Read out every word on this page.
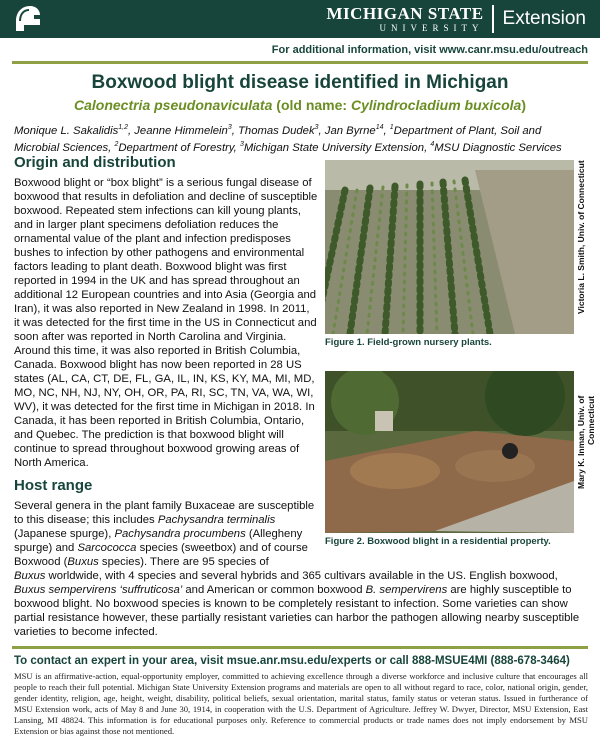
MICHIGAN STATE
UNIVERSITY	Extension
For additional information, visit www.canr.msu.edu/outreach
Boxwood blight disease identified in Michigan
Calonectria pseudonaviculata (old name: Cylindrocladium buxicola)
Monique L. Sakalidis$^{1,2}$, Jeanne Himmelein$^3$, Thomas Dudek$^3$, Jan Byrne$^{14}$, $^1$Department of Plant, Soil and Microbial Sciences, $^2$Department of Forestry, $^3$Michigan State University Extension, $^4$MSU Diagnostic Services
Origin and distribution

Boxwood blight or “box blight” is a serious fungal disease of boxwood that results in defoliation and decline of susceptible boxwood. Repeated stem infections can kill young plants, and in larger plant specimens defoliation reduces the ornamental value of the plant and infection predisposes bushes to infection by other pathogens and environmental factors leading to plant death. Boxwood blight was first reported in 1994 in the UK and has spread throughout an additional 12 European countries and into Asia (Georgia and Iran), it was also reported in New Zealand in 1998. In 2011, it was detected for the first time in the US in Connecticut and soon after was reported in North Carolina and Virginia. Around this time, it was also reported in British Columbia, Canada. Boxwood blight has now been reported in 28 US states (AL, CA, CT, DE, FL, GA, IL, IN, KS, KY, MA, MI, MD, MO, NC, NH, NJ, NY, OH, OR, PA, RI, SC, TN, VA, WA, WI, WV), it was detected for the first time in Michigan in 2018. In Canada, it has been reported in British Columbia, Ontario, and Quebec. The prediction is that boxwood blight will continue to spread throughout boxwood growing areas of North America.

Victoria L. Smith, Univ. of Connecticut
Figure 1. Field-grown nursery plants.
Mary K. Inman, Univ. of Connecticut
Figure 2. Boxwood blight in a residential property.
Host range

Several genera in the plant family Buxaceae are susceptible to this disease; this includes Pachysandra terminalis (Japanese spurge), Pachysandra procumbens (Allegheny spurge) and Sarcococca species (sweetbox) and of course Boxwood (Buxus species). There are 95 species of
Buxus worldwide, with 4 species and several hybrids and 365 cultivars available in the US. English boxwood, Buxus sempervirens ‘suffruticosa’ and American or common boxwood B. sempervirens are highly susceptible to boxwood blight. No boxwood species is known to be completely resistant to infection. Some varieties can show partial resistance however, these partially resistant varieties can harbor the pathogen allowing nearby susceptible varieties to become infected.

To contact an expert in your area, visit msue.anr.msu.edu/experts or call 888-MSUE4MI (888-678-3464)
MSU is an affirmative-action, equal-opportunity employer, committed to achieving excellence through a diverse workforce and inclusive culture that encourages all people to reach their full potential. Michigan State University Extension programs and materials are open to all without regard to race, color, national origin, gender, gender identity, religion, age, height, weight, disability, political beliefs, sexual orientation, marital status, family status or veteran status. Issued in furtherance of MSU Extension work, acts of May 8 and June 30, 1914, in cooperation with the U.S. Department of Agriculture. Jeffrey W. Dwyer, Director, MSU Extension, East Lansing, MI 48824. This information is for educational purposes only. Reference to commercial products or trade names does not imply endorsement by MSU Extension or bias against those not mentioned.
